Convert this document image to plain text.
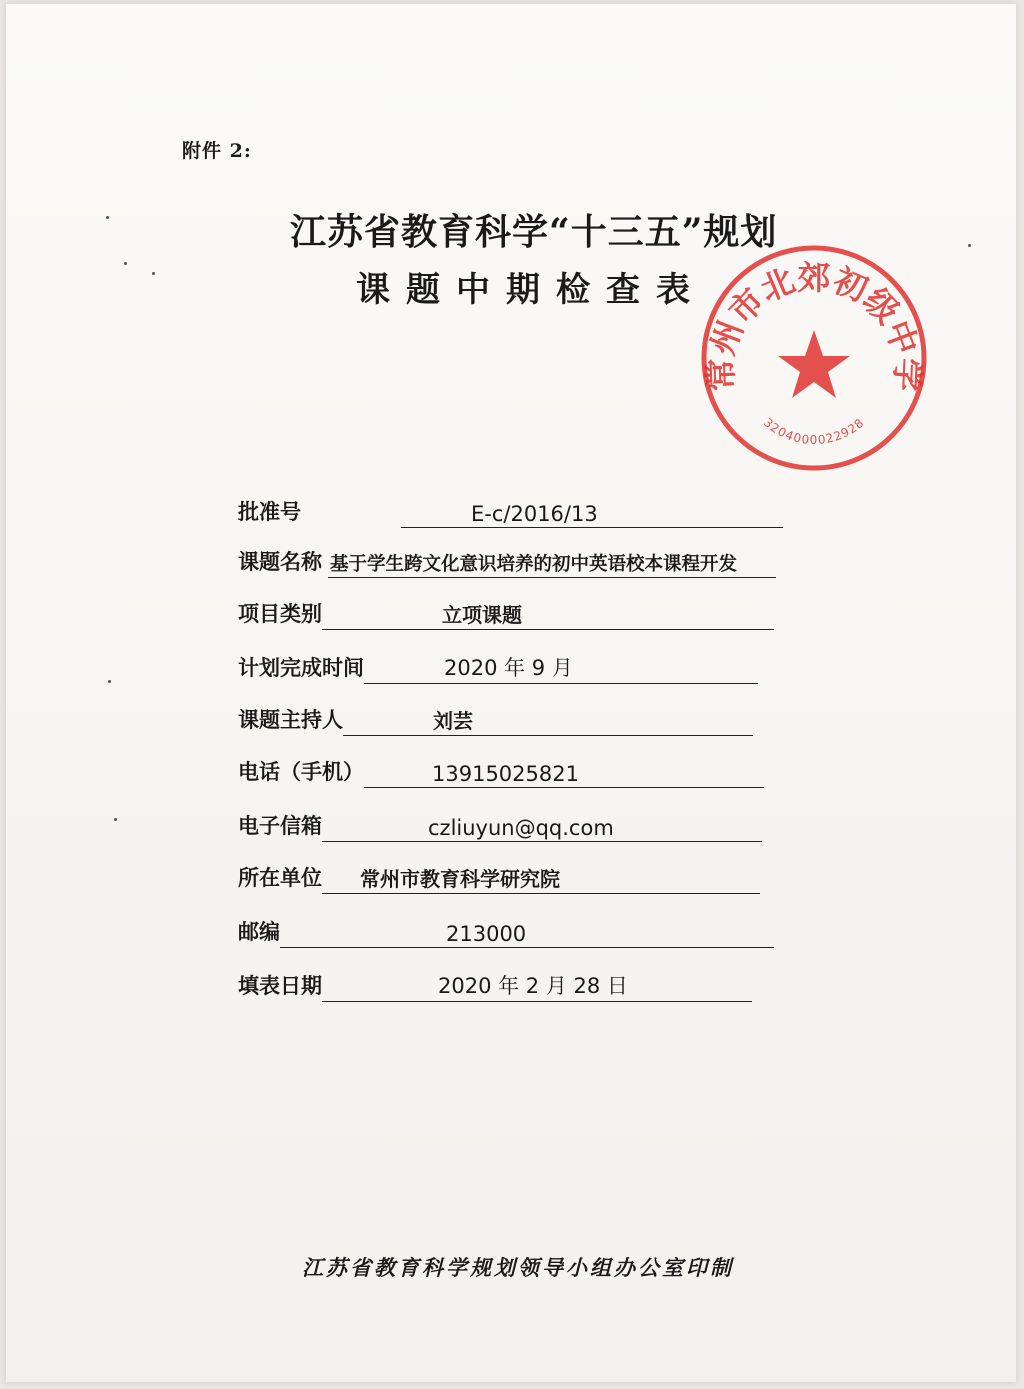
附件 2:
江苏省教育科学“十三五”规划
课题中期检查表
常州市北郊初级中学
3204000022928
批准号	E-c/2016/13
课题名称 基于学生跨文化意识培养的初中英语校本课程开发
项目类别	立项课题
计划完成时间	2020 年 9 月
课题主持人	刘芸
电话（手机）	13915025821
电子信箱	czliuyun@qq.com
所在单位 常州市教育科学研究院
邮编	213000
填表日期	2020 年 2 月 28 日
江苏省教育科学规划领导小组办公室印制
